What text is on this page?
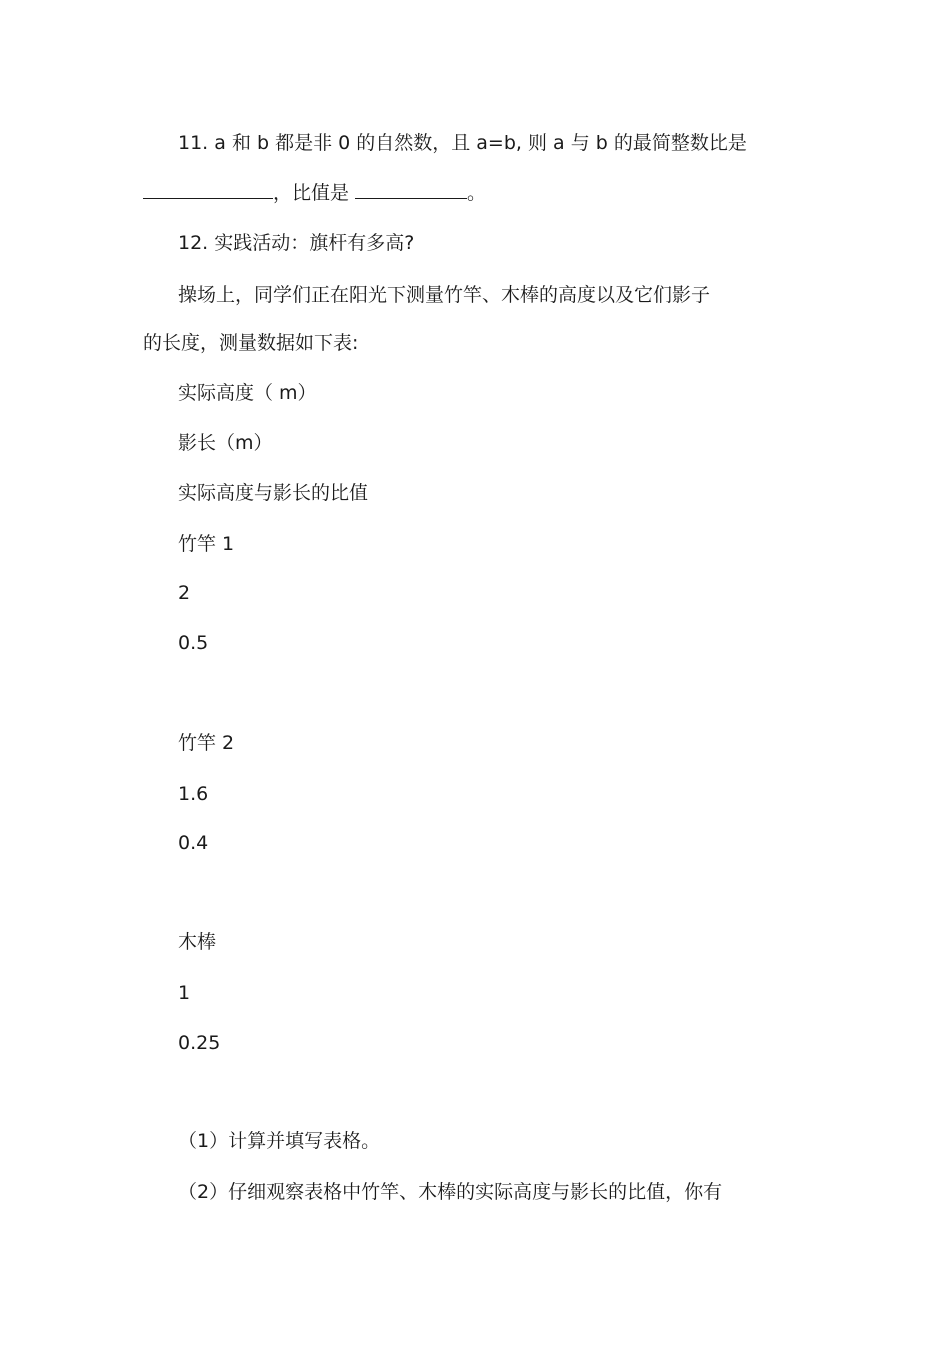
11. a 和 b 都是非 0 的自然数，且 a=b, 则 a 与 b 的最简整数比是
，比值是	。
12. 实践活动：旗杆有多高?
操场上，同学们正在阳光下测量竹竿、木棒的高度以及它们影子
的长度，测量数据如下表:
实际高度（ m）
影长（m）
实际高度与影长的比值
竹竿 1
2
0.5
竹竿 2
1.6
0.4
木棒
1
0.25
（1）计算并填写表格。
（2）仔细观察表格中竹竿、木棒的实际高度与影长的比值，你有
